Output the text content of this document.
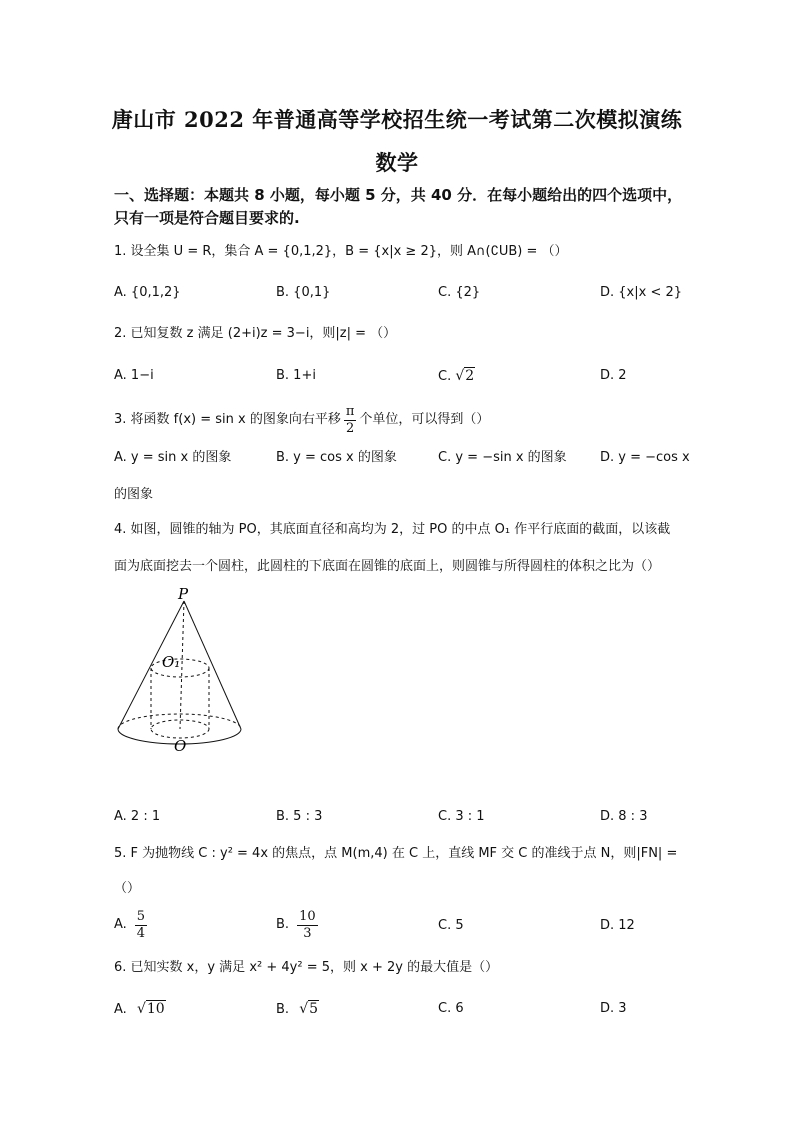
唐山市 2022 年普通高等学校招生统一考试第二次模拟演练
数学
一、选择题：本题共 8 小题，每小题 5 分，共 40 分．在每小题给出的四个选项中，
只有一项是符合题目要求的.
1. 设全集 U = R，集合 A = {0,1,2}，B = {x|x ≥ 2}，则 A∩(∁UB) = （）
A. {0,1,2}	B. {0,1}	C. {2}	D. {x|x < 2}
2. 已知复数 z 满足 (2+i)z = 3−i，则|z| = （）
A. 1−i	B. 1+i	C. √2	D. 2
3. 将函数 f(x) = sin x 的图象向右平移 $\frac{\pi}{2}$ 个单位，可以得到（）
A. y = sin x 的图象	B. y = cos x 的图象	C. y = −sin x 的图象	D. y = −cos x
的图象
4. 如图，圆锥的轴为 PO，其底面直径和高均为 2，过 PO 的中点 O₁ 作平行底面的截面，以该截
面为底面挖去一个圆柱，此圆柱的下底面在圆锥的底面上，则圆锥与所得圆柱的体积之比为（）
P
O₁
O
A. 2 : 1	B. 5 : 3	C. 3 : 1	D. 8 : 3
5. F 为抛物线 C : y² = 4x 的焦点，点 M(m,4) 在 C 上，直线 MF 交 C 的准线于点 N，则|FN| =
（）
A. $\frac{5}{4}$	B. $\frac{10}{3}$	C. 5	D. 12
6. 已知实数 x，y 满足 x² + 4y² = 5，则 x + 2y 的最大值是（）
A. √10	B. √5	C. 6	D. 3
